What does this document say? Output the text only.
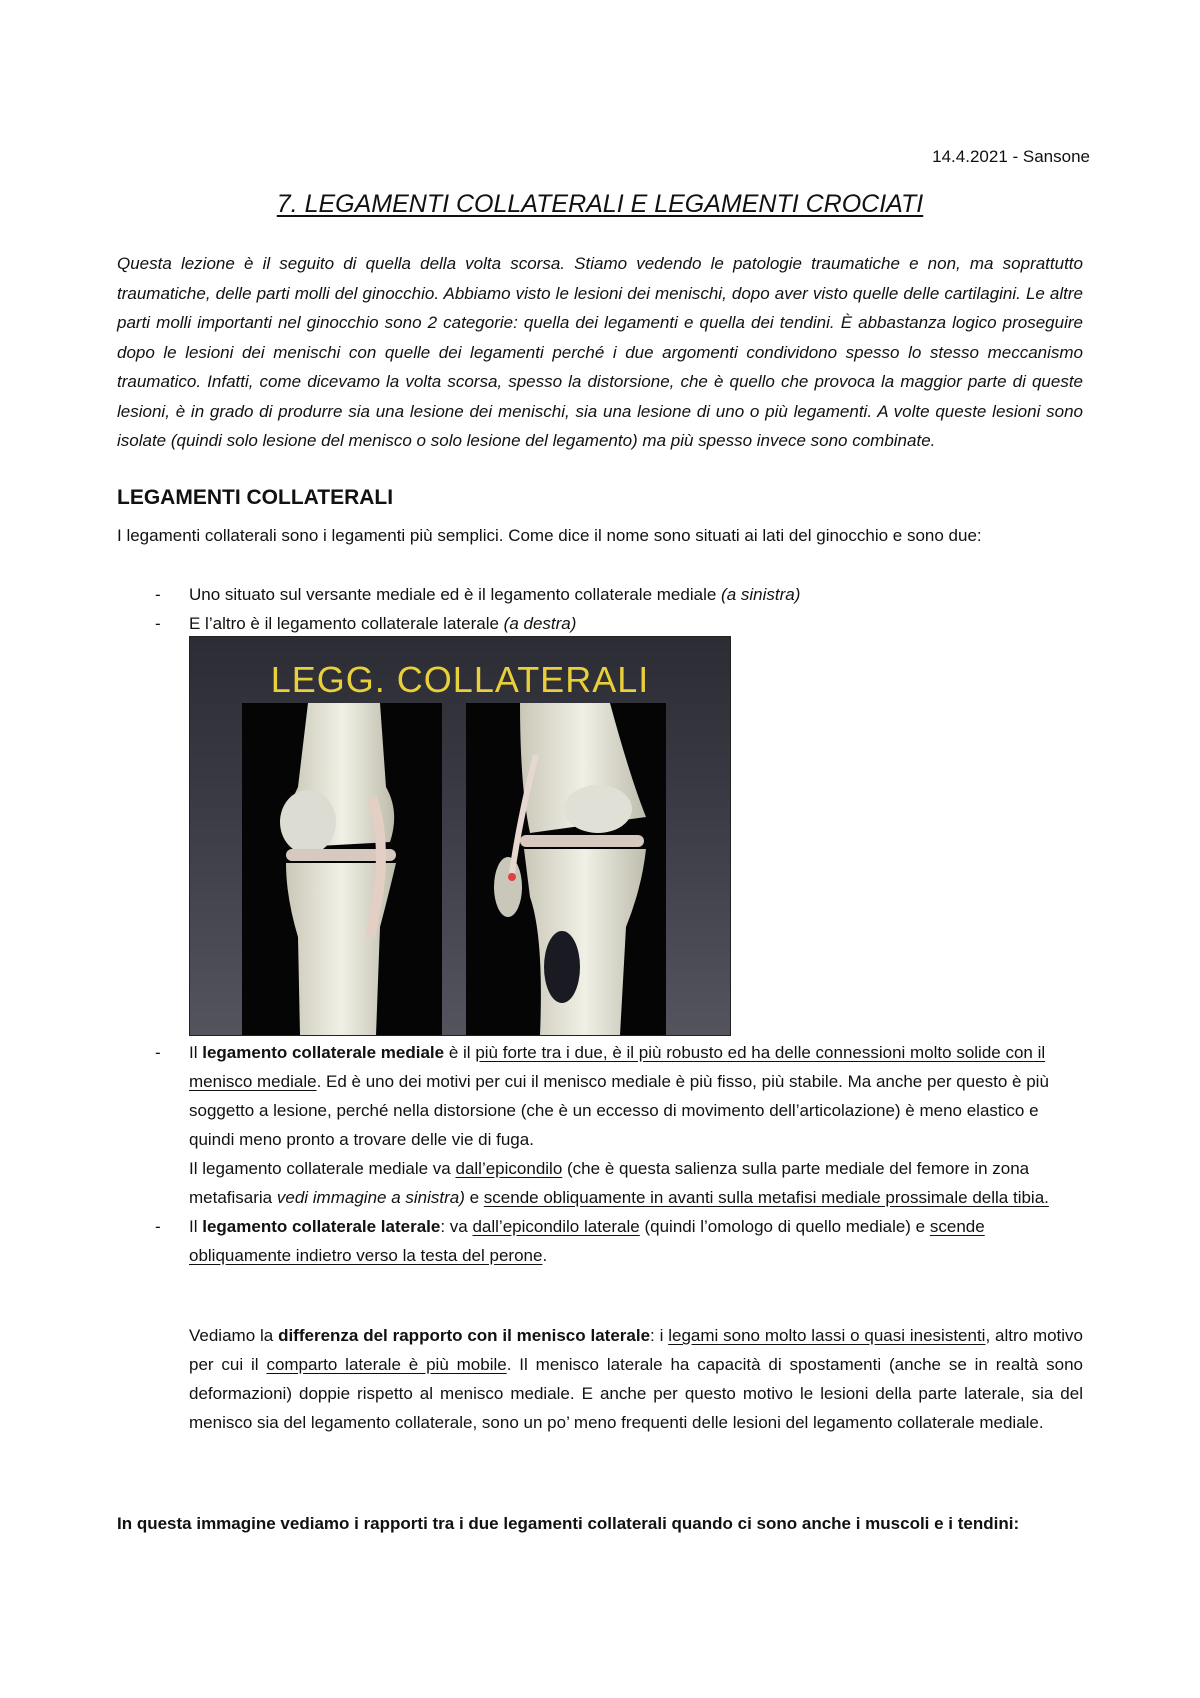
14.4.2021 - Sansone
7. LEGAMENTI COLLATERALI E LEGAMENTI CROCIATI

Questa lezione è il seguito di quella della volta scorsa. Stiamo vedendo le patologie traumatiche e non, ma soprattutto traumatiche, delle parti molli del ginocchio. Abbiamo visto le lesioni dei menischi, dopo aver visto quelle delle cartilagini. Le altre parti molli importanti nel ginocchio sono 2 categorie: quella dei legamenti e quella dei tendini. È abbastanza logico proseguire dopo le lesioni dei menischi con quelle dei legamenti perché i due argomenti condividono spesso lo stesso meccanismo traumatico. Infatti, come dicevamo la volta scorsa, spesso la distorsione, che è quello che provoca la maggior parte di queste lesioni, è in grado di produrre sia una lesione dei menischi, sia una lesione di uno o più legamenti. A volte queste lesioni sono isolate (quindi solo lesione del menisco o solo lesione del legamento) ma più spesso invece sono combinate.

LEGAMENTI COLLATERALI

I legamenti collaterali sono i legamenti più semplici. Come dice il nome sono situati ai lati del ginocchio e sono due:

- Uno situato sul versante mediale ed è il legamento collaterale mediale (a sinistra)
- E l’altro è il legamento collaterale laterale (a destra)
LEGG. COLLATERALI
- Il legamento collaterale mediale è il più forte tra i due, è il più robusto ed ha delle connessioni molto solide con il menisco mediale. Ed è uno dei motivi per cui il menisco mediale è più fisso, più stabile. Ma anche per questo è più soggetto a lesione, perché nella distorsione (che è un eccesso di movimento dell’articolazione) è meno elastico e quindi meno pronto a trovare delle vie di fuga.
Il legamento collaterale mediale va dall’epicondilo (che è questa salienza sulla parte mediale del femore in zona metafisaria vedi immagine a sinistra) e scende obliquamente in avanti sulla metafisi mediale prossimale della tibia.
- Il legamento collaterale laterale: va dall’epicondilo laterale (quindi l’omologo di quello mediale) e scende obliquamente indietro verso la testa del perone.

Vediamo la differenza del rapporto con il menisco laterale: i legami sono molto lassi o quasi inesistenti, altro motivo per cui il comparto laterale è più mobile. Il menisco laterale ha capacità di spostamenti (anche se in realtà sono deformazioni) doppie rispetto al menisco mediale. E anche per questo motivo le lesioni della parte laterale, sia del menisco sia del legamento collaterale, sono un po’ meno frequenti delle lesioni del legamento collaterale mediale.

In questa immagine vediamo i rapporti tra i due legamenti collaterali quando ci sono anche i muscoli e i tendini:
